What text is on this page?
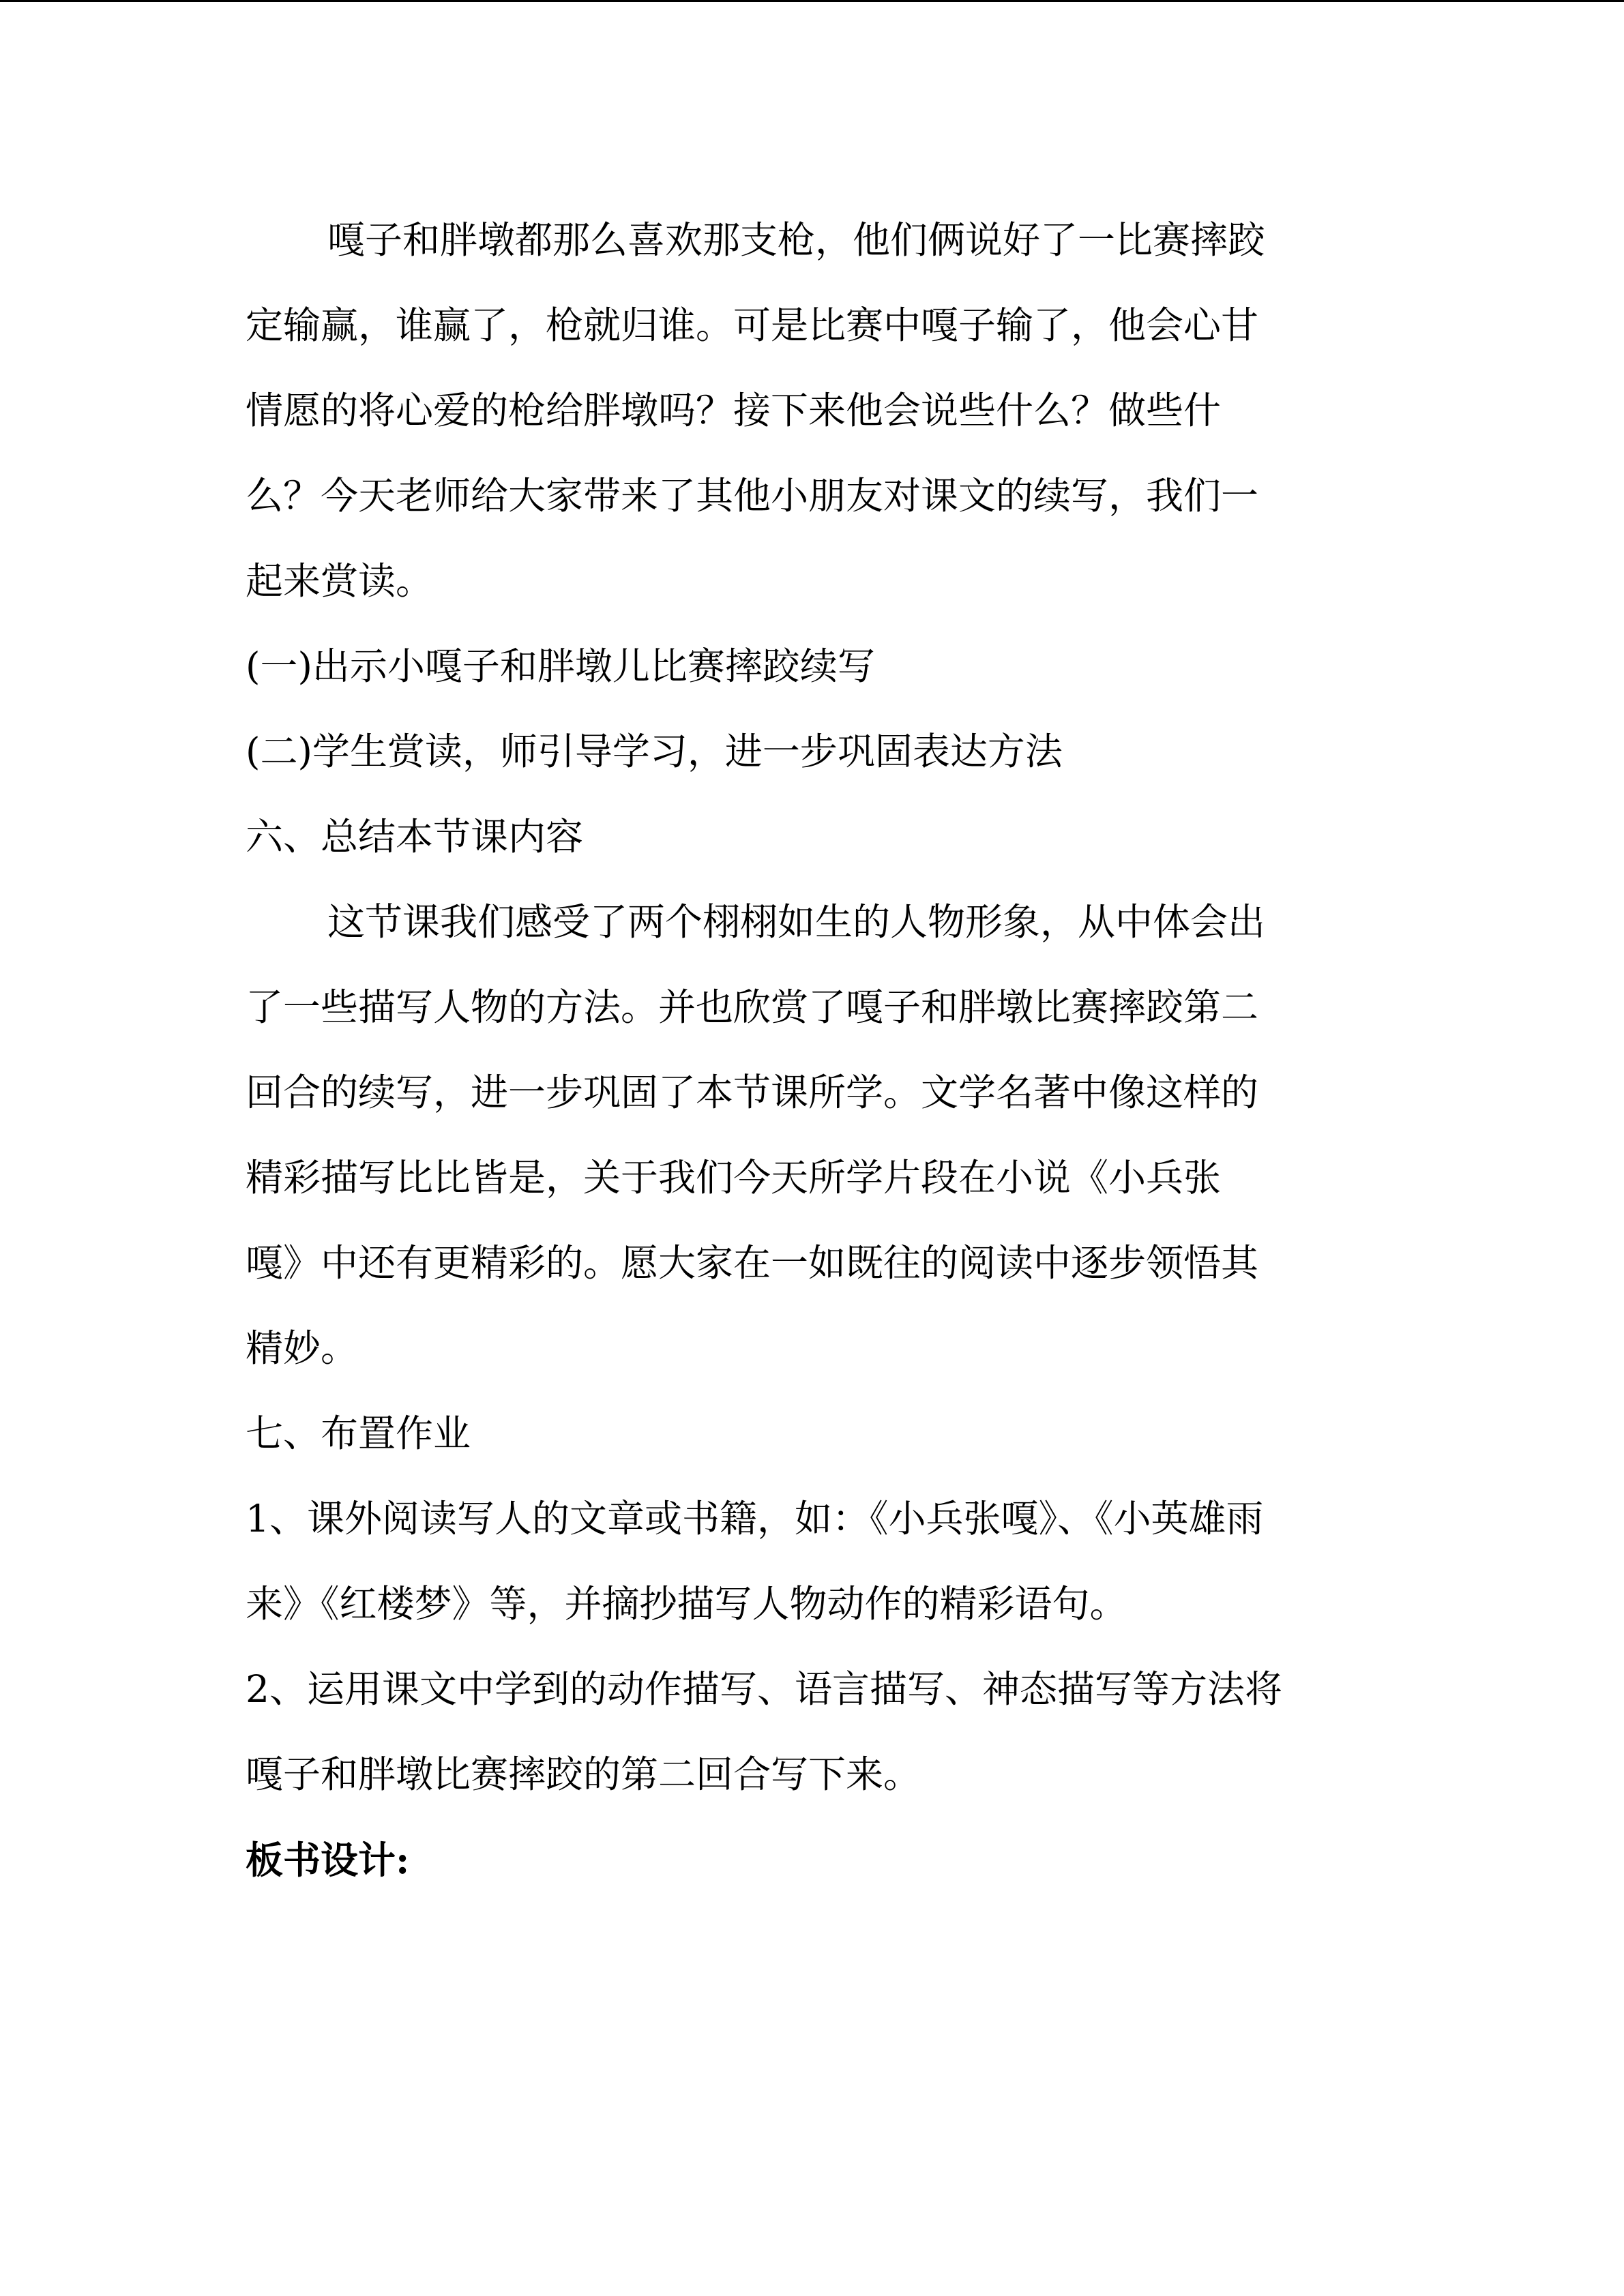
嘎子和胖墩都那么喜欢那支枪，他们俩说好了一比赛摔跤
定输赢，谁赢了，枪就归谁。可是比赛中嘎子输了，他会心甘
情愿的将心爱的枪给胖墩吗？接下来他会说些什么？做些什
么？今天老师给大家带来了其他小朋友对课文的续写，我们一
起来赏读。
(一)出示小嘎子和胖墩儿比赛摔跤续写
(二)学生赏读，师引导学习，进一步巩固表达方法
六、总结本节课内容
这节课我们感受了两个栩栩如生的人物形象，从中体会出
了一些描写人物的方法。并也欣赏了嘎子和胖墩比赛摔跤第二
回合的续写，进一步巩固了本节课所学。文学名著中像这样的
精彩描写比比皆是，关于我们今天所学片段在小说《小兵张
嘎》中还有更精彩的。愿大家在一如既往的阅读中逐步领悟其
精妙。
七、布置作业
1、课外阅读写人的文章或书籍，如：《小兵张嘎》、《小英雄雨
来》《红楼梦》等，并摘抄描写人物动作的精彩语句。
2、运用课文中学到的动作描写、语言描写、神态描写等方法将
嘎子和胖墩比赛摔跤的第二回合写下来。
板书设计:
